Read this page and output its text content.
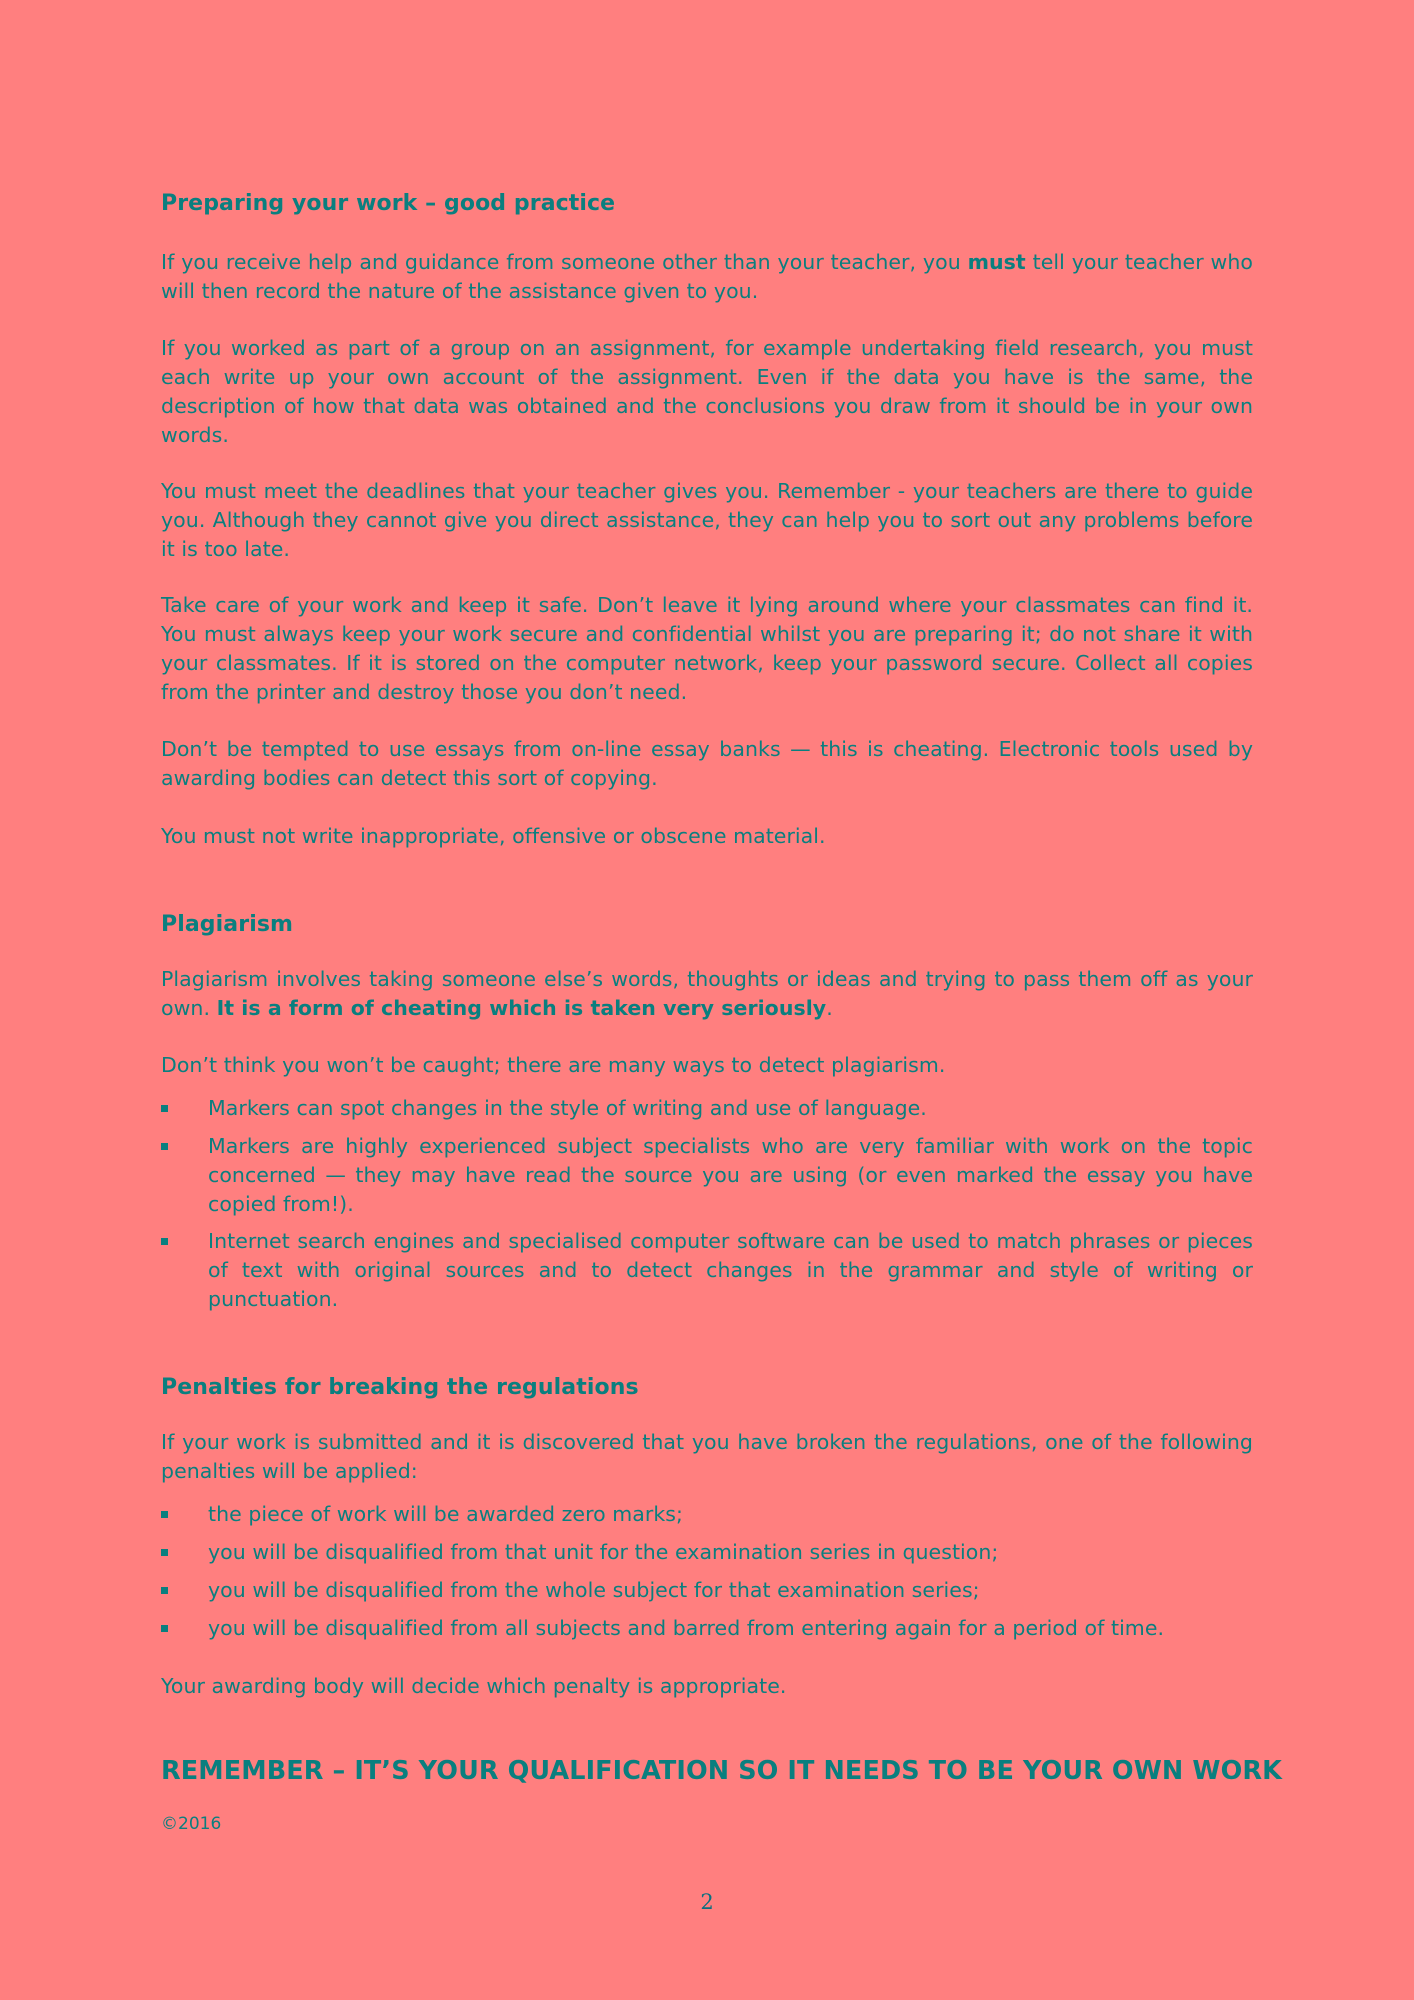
Preparing your work – good practice

If you receive help and guidance from someone other than your teacher, you must tell your teacher who will then record the nature of the assistance given to you.

If you worked as part of a group on an assignment, for example undertaking field research, you must each write up your own account of the assignment. Even if the data you have is the same, the description of how that data was obtained and the conclusions you draw from it should be in your own words.

You must meet the deadlines that your teacher gives you. Remember - your teachers are there to guide you. Although they cannot give you direct assistance, they can help you to sort out any problems before it is too late.

Take care of your work and keep it safe. Don’t leave it lying around where your classmates can find it. You must always keep your work secure and confidential whilst you are preparing it; do not share it with your classmates. If it is stored on the computer network, keep your password secure. Collect all copies from the printer and destroy those you don’t need.

Don’t be tempted to use essays from on-line essay banks — this is cheating. Electronic tools used by awarding bodies can detect this sort of copying.

You must not write inappropriate, offensive or obscene material.

Plagiarism

Plagiarism involves taking someone else’s words, thoughts or ideas and trying to pass them off as your own. It is a form of cheating which is taken very seriously.

Don’t think you won’t be caught; there are many ways to detect plagiarism.

Markers can spot changes in the style of writing and use of language.
Markers are highly experienced subject specialists who are very familiar with work on the topic concerned — they may have read the source you are using (or even marked the essay you have copied from!).
Internet search engines and specialised computer software can be used to match phrases or pieces of text with original sources and to detect changes in the grammar and style of writing or punctuation.
Penalties for breaking the regulations

If your work is submitted and it is discovered that you have broken the regulations, one of the following penalties will be applied:

the piece of work will be awarded zero marks;
you will be disqualified from that unit for the examination series in question;
you will be disqualified from the whole subject for that examination series;
you will be disqualified from all subjects and barred from entering again for a period of time.

Your awarding body will decide which penalty is appropriate.

REMEMBER – IT’S YOUR QUALIFICATION SO IT NEEDS TO BE YOUR OWN WORK
©2016
2
